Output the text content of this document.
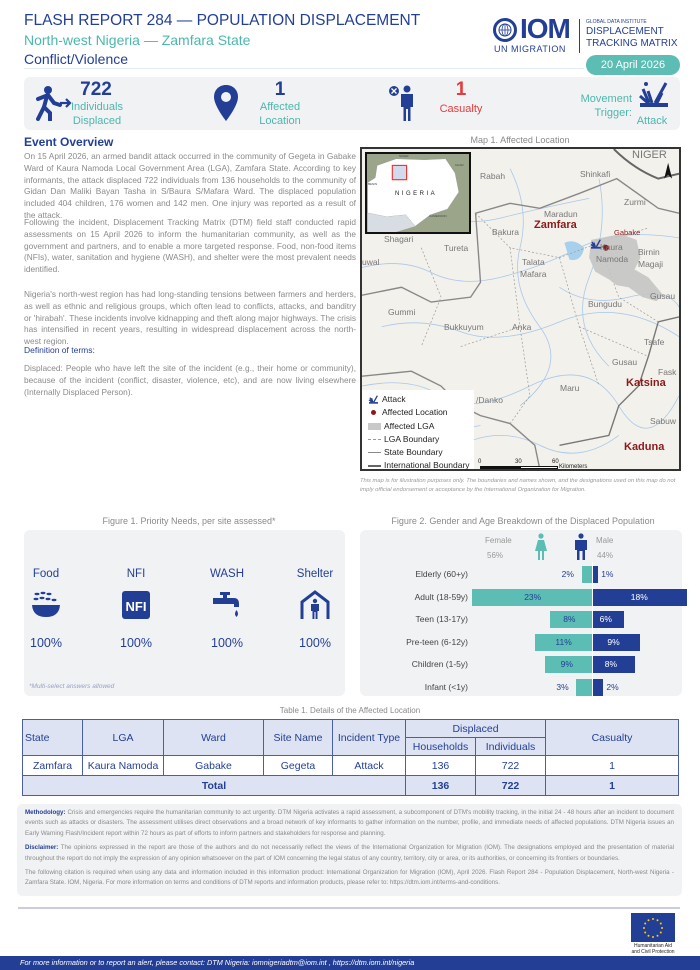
FLASH REPORT 284 — POPULATION DISPLACEMENT
North-west Nigeria — Zamfara State
Conflict/Violence
IOM
UN MIGRATION
GLOBAL DATA INSTITUTE
DISPLACEMENT
TRACKING MATRIX
20 April 2026
722
Individuals
Displaced
1
Affected
Location
1
Casualty
Movement
Trigger:
Attack
Event Overview

On 15 April 2026, an armed bandit attack occurred in the community of Gegeta in Gabake Ward of Kaura Namoda Local Government Area (LGA), Zamfara State. According to key informants, the attack displaced 722 individuals from 136 households to the community of Gidan Dan Maliki Bayan Tasha in S/Baura S/Mafara Ward. The displaced population included 404 children, 176 women and 142 men. One injury was reported as a result of the attack.

Following the incident, Displacement Tracking Matrix (DTM) field staff conducted rapid assessments on 15 April 2026 to inform the humanitarian community, as well as the government and partners, and to enable a more targeted response. Food, non-food items (NFIs), water, sanitation and hygiene (WASH), and shelter were the most prevalent needs identified.

Nigeria's north-west region has had long-standing tensions between farmers and herders, as well as ethnic and religious groups, which often lead to conflicts, attacks, and banditry or 'hirabah'. These incidents involve kidnapping and theft along major highways. The crisis has intensified in recent years, resulting in widespread displacement across the north-west region.

Definition of terms:

Displaced: People who have left the site of the incident (e.g., their home or community), because of the incident (conflict, disaster, violence, etc), and are now living elsewhere (Internally Displaced Person).

Map 1. Affected Location
NIGERIA
NIGER
BENIN
CAMEROON
CHAD
Rabah	Shinkafi
Zurmi
Maradun
Bakura
Shagari
Tureta
Talata
Mafara
Kaura
Namoda
Birnin
Magaji
Gusau
Bungudu
Gummi
Bukkuyum	Anka
Tsafe
Gusau
Maru
/Danko
Fask
Sabuw
uwal
NIGER
Zamfara
Katsina
Kaduna
Gabake
Attack
Affected Location
Affected LGA
LGA Boundary
State Boundary
International Boundary 0	30	60
Kilometers
This map is for illustration purposes only. The boundaries and names shown, and the designations used on this map do not imply official endorsement or acceptance by the International Organization for Migration.
Figure 1. Priority Needs, per site assessed*
Food
100%
NFI
NFI
100%
WASH
100%
Shelter
100%
*Multi-select answers allowed
Figure 2. Gender and Age Breakdown of the Displaced Population
Female
56%
Male
44%
Elderly (60+y)	2%	1%
Adult (18-59y)	23%	18%
Teen (13-17y)	8%	6%
Pre-teen (6-12y)	11%	9%
Children (1-5y)	9%	8%
Infant (<1y)	3%	2%
Table 1. Details of the Affected Location
State	LGA	Ward	Site Name	Incident Type	Displaced		Casualty
					Households	Individuals	
Zamfara	Kaura Namoda	Gabake	Gegeta	Attack	136	722	1
Total					136	722	1

Methodology: Crisis and emergencies require the humanitarian community to act urgently. DTM Nigeria activates a rapid assessment, a subcomponent of DTM's mobility tracking, in the initial 24 - 48 hours after an incident to document events such as attacks or disasters. The assessment utilises direct observations and a broad network of key informants to gather information on the number, profile, and immediate needs of affected populations. DTM Nigeria issues an Early Warning Flash/Incident report within 72 hours as part of efforts to inform partners and stakeholders for response and planning.

Disclaimer: The opinions expressed in the report are those of the authors and do not necessarily reflect the views of the International Organization for Migration (IOM). The designations employed and the presentation of material throughout the report do not imply the expression of any opinion whatsoever on the part of IOM concerning the legal status of any country, territory, city or area, or its authorities, or concerning its frontiers or boundaries.

The following citation is required when using any data and information included in this information product: International Organization for Migration (IOM), April 2026. Flash Report 284 - Population Displacement, North-west Nigeria - Zamfara State. IOM, Nigeria. For more information on terms and conditions of DTM reports and information products, please refer to: https://dtm.iom.int/terms-and-conditions.

Humanitarian Aid
and Civil Protection
For more information or to report an alert, please contact: DTM Nigeria: iomnigeriadtm@iom.int , https://dtm.iom.int/nigeria
